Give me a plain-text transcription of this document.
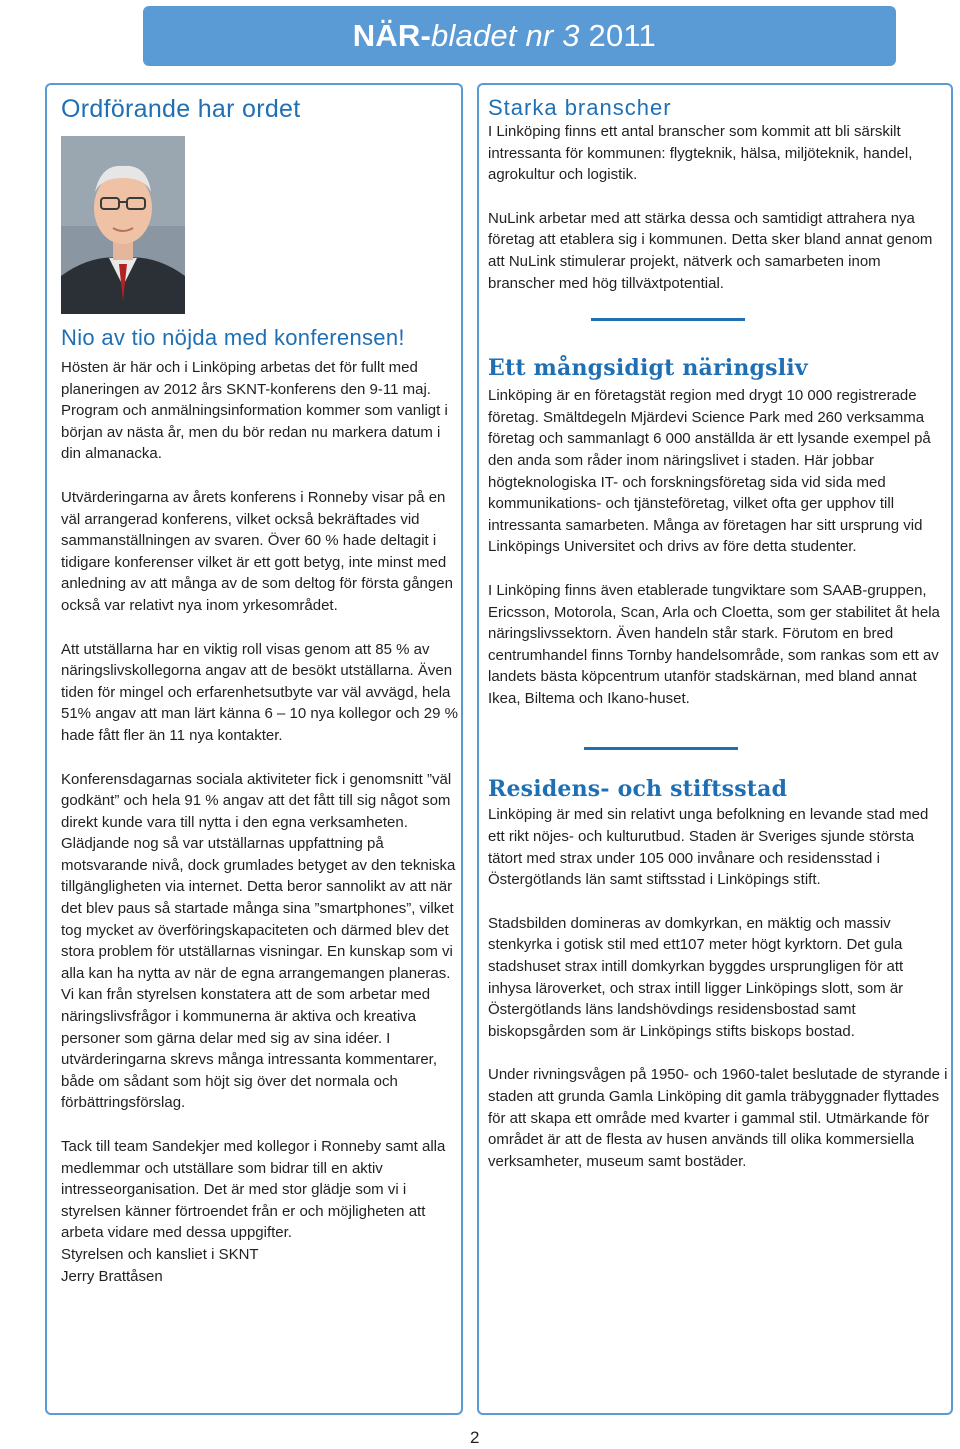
NÄR-bladet nr 3 2011
Ordförande har ordet
Nio av tio nöjda med konferensen!

Hösten är här och i Linköping arbetas det för fullt med planeringen av 2012 års SKNT-konferens den 9-11 maj. Program och anmälningsinformation kommer som vanligt i början av nästa år, men du bör redan nu markera datum i din almanacka.

Utvärderingarna av årets konferens i Ronneby visar på en väl arrangerad konferens, vilket också bekräftades vid sammanställningen av svaren. Över 60 % hade deltagit i tidigare konferenser vilket är ett gott betyg, inte minst med anledning av att många av de som deltog för första gången också var relativt nya inom yrkesområdet.

Att utställarna har en viktig roll visas genom att 85 % av näringslivskollegorna angav att de besökt utställarna. Även tiden för mingel och erfarenhetsutbyte var väl avvägd, hela 51% angav att man lärt känna 6 – 10 nya kollegor och 29 % hade fått fler än 11 nya kontakter.

Konferensdagarnas sociala aktiviteter fick i genomsnitt ”väl godkänt” och hela 91 % angav att det fått till sig något som direkt kunde vara till nytta i den egna verksamheten.

Glädjande nog så var utställarnas uppfattning på motsvarande nivå, dock grumlades betyget av den tekniska tillgängligheten via internet. Detta beror sannolikt av att när det blev paus så startade många sina ”smartphones”, vilket tog mycket av överföringskapaciteten och därmed blev det stora problem för utställarnas visningar. En kunskap som vi alla kan ha nytta av när de egna arrangemangen planeras.

Vi kan från styrelsen konstatera att de som arbetar med näringslivsfrågor i kommunerna är aktiva och kreativa personer som gärna delar med sig av sina idéer. I utvärderingarna skrevs många intressanta kommentarer, både om sådant som höjt sig över det normala och förbättringsförslag.

Tack till team Sandekjer med kollegor i Ronneby samt alla medlemmar och utställare som bidrar till en aktiv intresseorganisation. Det är med stor glädje som vi i styrelsen känner förtroendet från er och möjligheten att arbeta vidare med dessa uppgifter.

Styrelsen och kansliet i SKNT

Jerry Brattåsen

Starka branscher

I Linköping finns ett antal branscher som kommit att bli särskilt intressanta för kommunen: flygteknik, hälsa, miljöteknik, handel, agrokultur och logistik.

NuLink arbetar med att stärka dessa och samtidigt attrahera nya företag att etablera sig i kommunen. Detta sker bland annat genom att NuLink stimulerar projekt, nätverk och samarbeten inom branscher med hög tillväxtpotential.

Ett mångsidigt näringsliv

Linköping är en företagstät region med drygt 10 000 registrerade företag. Smältdegeln Mjärdevi Science Park med 260 verksamma företag och sammanlagt 6 000 anställda är ett lysande exempel på den anda som råder inom näringslivet i staden. Här jobbar högteknologiska IT- och forskningsföretag sida vid sida med kommunikations- och tjänsteföretag, vilket ofta ger upphov till intressanta samarbeten. Många av företagen har sitt ursprung vid Linköpings Universitet och drivs av före detta studenter.

I Linköping finns även etablerade tungviktare som SAAB-gruppen, Ericsson, Motorola, Scan, Arla och Cloetta, som ger stabilitet åt hela näringslivssektorn. Även handeln står stark. Förutom en bred centrumhandel finns Tornby handelsområde, som rankas som ett av landets bästa köpcentrum utanför stadskärnan, med bland annat Ikea, Biltema och Ikano-huset.

Residens- och stiftsstad

Linköping är med sin relativt unga befolkning en levande stad med ett rikt nöjes- och kulturutbud. Staden är Sveriges sjunde största tätort med strax under 105 000 invånare och residensstad i Östergötlands län samt stiftsstad i Linköpings stift.

Stadsbilden domineras av domkyrkan, en mäktig och massiv stenkyrka i gotisk stil med ett107 meter högt kyrktorn. Det gula stadshuset strax intill domkyrkan byggdes ursprungligen för att inhysa läroverket, och strax intill ligger Linköpings slott, som är Östergötlands läns landshövdings residensbostad samt biskopsgården som är Linköpings stifts biskops bostad.

Under rivningsvågen på 1950- och 1960-talet beslutade de styrande i staden att grunda Gamla Linköping dit gamla träbyggnader flyttades för att skapa ett område med kvarter i gammal stil. Utmärkande för området är att de flesta av husen används till olika kommersiella verksamheter, museum samt bostäder.

2
